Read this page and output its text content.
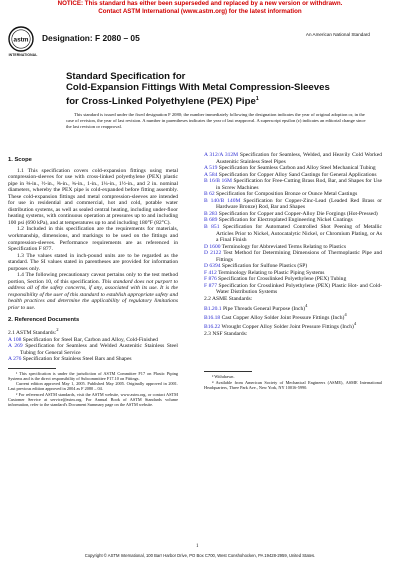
NOTICE: This standard has either been superseded and replaced by a new version or withdrawn.
Contact ASTM International (www.astm.org) for the latest information
astm
INTERNATIONAL
Designation: F 2080 – 05	An American National Standard
Standard Specification for
Cold-Expansion Fittings With Metal Compression-Sleeves
for Cross-Linked Polyethylene (PEX) Pipe$^1$
This standard is issued under the fixed designation F 2080; the number immediately following the designation indicates the year of original adoption or, in the case of revision, the year of last revision. A number in parentheses indicates the year of last reapproval. A superscript epsilon (ε) indicates an editorial change since the last revision or reapproval.
1. Scope

1.1 This specification covers cold-expansion fittings using metal compression-sleeves for use with cross-linked polyethylene (PEX) plastic pipe in ⅜-in., ½-in., ⅝-in., ¾-in., 1-in., 1¼-in., 1½-in., and 2 in. nominal diameters, whereby the PEX pipe is cold-expanded before fitting assembly. These cold-expansion fittings and metal compression-sleeves are intended for use in residential and commercial, hot and cold, potable water distribution systems, as well as sealed central heating, including under-floor heating systems, with continuous operation at pressures up to and including 100 psi (690 kPa), and at temperatures up to and including 180°F (82°C).

1.2 Included in this specification are the requirements for materials, workmanship, dimensions, and markings to be used on the fittings and compression-sleeves. Performance requirements are as referenced in Specification F 877.

1.3 The values stated in inch-pound units are to be regarded as the standard. The SI values stated in parentheses are provided for information purposes only.

1.4 The following precautionary caveat pertains only to the test method portion, Section 10, of this specification. This standard does not purport to address all of the safety concerns, if any, associated with its use. It is the responsibility of the user of this standard to establish appropriate safety and health practices and determine the applicability of regulatory limitations prior to use.

2. Referenced Documents

2.1 ASTM Standards:$^2$

A 108 Specification for Steel Bar, Carbon and Alloy, Cold-Finished

A 269 Specification for Seamless and Welded Austenitic Stainless Steel Tubing for General Service

A 276 Specification for Stainless Steel Bars and Shapes

¹ This specification is under the jurisdiction of ASTM Committee F17 on Plastic Piping Systems and is the direct responsibility of Subcommittee F17.10 on Fittings.

Current edition approved May 1, 2005. Published May 2005. Originally approved in 2001. Last previous edition approved in 2004 as F 2080 – 04.

² For referenced ASTM standards, visit the ASTM website, www.astm.org, or contact ASTM Customer Service at service@astm.org. For Annual Book of ASTM Standards volume information, refer to the standard's Document Summary page on the ASTM website.

A 312/A 312M Specification for Seamless, Welded, and Heavily Cold Worked Austenitic Stainless Steel Pipes

A 519 Specification for Seamless Carbon and Alloy Steel Mechanical Tubing

A 584 Specification for Copper Alloy Sand Castings for General Applications

B 16/B 16M Specification for Free-Cutting Brass Rod, Bar, and Shapes for Use in Screw Machines

B 62 Specification for Composition Bronze or Ounce Metal Castings

B 140/B 140M Specification for Copper-Zinc-Lead (Leaded Red Brass or Hardware Bronze) Rod, Bar and Shapes

B 283 Specification for Copper and Copper-Alloy Die Forgings (Hot-Pressed)

B 689 Specification for Electroplated Engineering Nickel Coatings

B 851 Specification for Automated Controlled Shot Peening of Metallic Articles Prior to Nickel, Autocatalytic Nickel, or Chromium Plating, or As a Final Finish

D 1600 Terminology for Abbreviated Terms Relating to Plastics

D 2122 Test Method for Determining Dimensions of Thermoplastic Pipe and Fittings

D 6394 Specification for Sulfone Plastics (SP)

F 412 Terminology Relating to Plastic Piping Systems

F 876 Specification for Crosslinked Polyethylene (PEX) Tubing

F 877 Specification for Crosslinked Polyethylene (PEX) Plastic Hot- and Cold-Water Distribution Systems

2.2 ASME Standards:

B1.20.1 Pipe Threads General Purpose (Inch)$^4$

B16.18 Cast Copper Alloy Solder Joint Pressure Fittings (Inch)$^4$

B16.22 Wrought Copper Alloy Solder Joint Pressure Fittings (Inch)$^4$

2.3 NSF Standards:

³ Withdrawn.

⁴ Available from American Society of Mechanical Engineers (ASME), ASME International Headquarters, Three Park Ave., New York, NY 10016-5990.

1
Copyright © ASTM International, 100 Barr Harbor Drive, PO Box C700, West Conshohocken, PA 19428-2959, United States.
